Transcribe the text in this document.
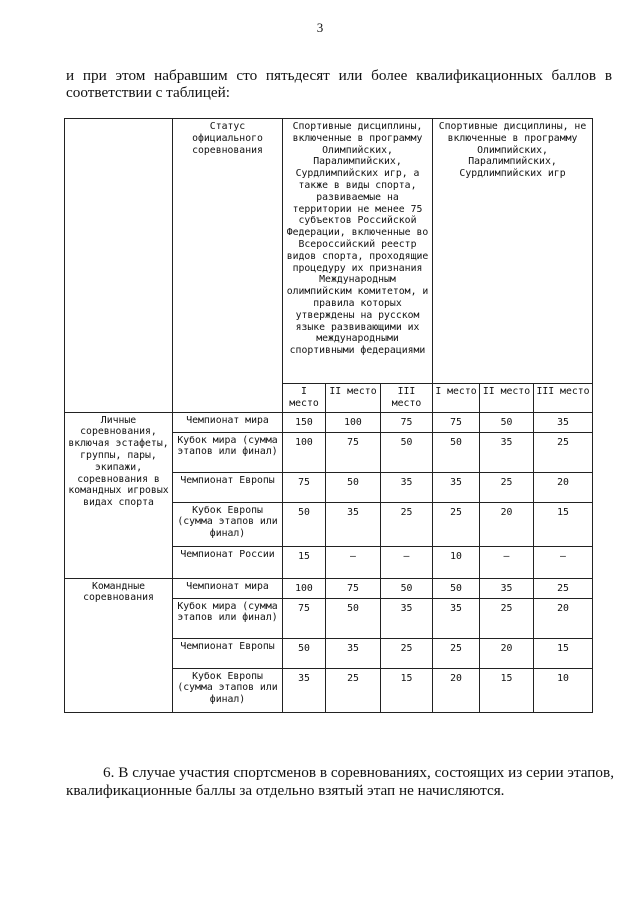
3
и при этом набравшим сто пятьдесят или более квалификационных баллов в
соответствии с таблицей:
	Статус официального соревнования	Спортивные дисциплины, включенные в программу Олимпийских, Паралимпийских, Сурдлимпийских игр, а также в виды спорта, развиваемые на территории не менее 75 субъектов Российской Федерации, включенные во Всероссийский реестр видов спорта, проходящие процедуру их признания Международным олимпийским комитетом, и правила которых утверждены на русском языке развивающими их международными спортивными федерациями			Спортивные дисциплины, не включенные в программу Олимпийских, Паралимпийских, Сурдлимпийских игр		
		I место	II место	III место	I место	II место	III место
Личные соревнования, включая эстафеты, группы, пары, экипажи, соревнования в командных игровых видах спорта	Чемпионат мира	150	100	75	75	50	35
	Кубок мира (сумма этапов или финал)	100	75	50	50	35	25
	Чемпионат Европы	75	50	35	35	25	20
	Кубок Европы (сумма этапов или финал)	50	35	25	25	20	15
	Чемпионат России	15	–	–	10	–	–
Командные соревнования	Чемпионат мира	100	75	50	50	35	25
	Кубок мира (сумма этапов или финал)	75	50	35	35	25	20
	Чемпионат Европы	50	35	25	25	20	15
	Кубок Европы (сумма этапов или финал)	35	25	15	20	15	10
6. В случае участия спортсменов в соревнованиях, состоящих из серии этапов,
квалификационные баллы за отдельно взятый этап не начисляются.
